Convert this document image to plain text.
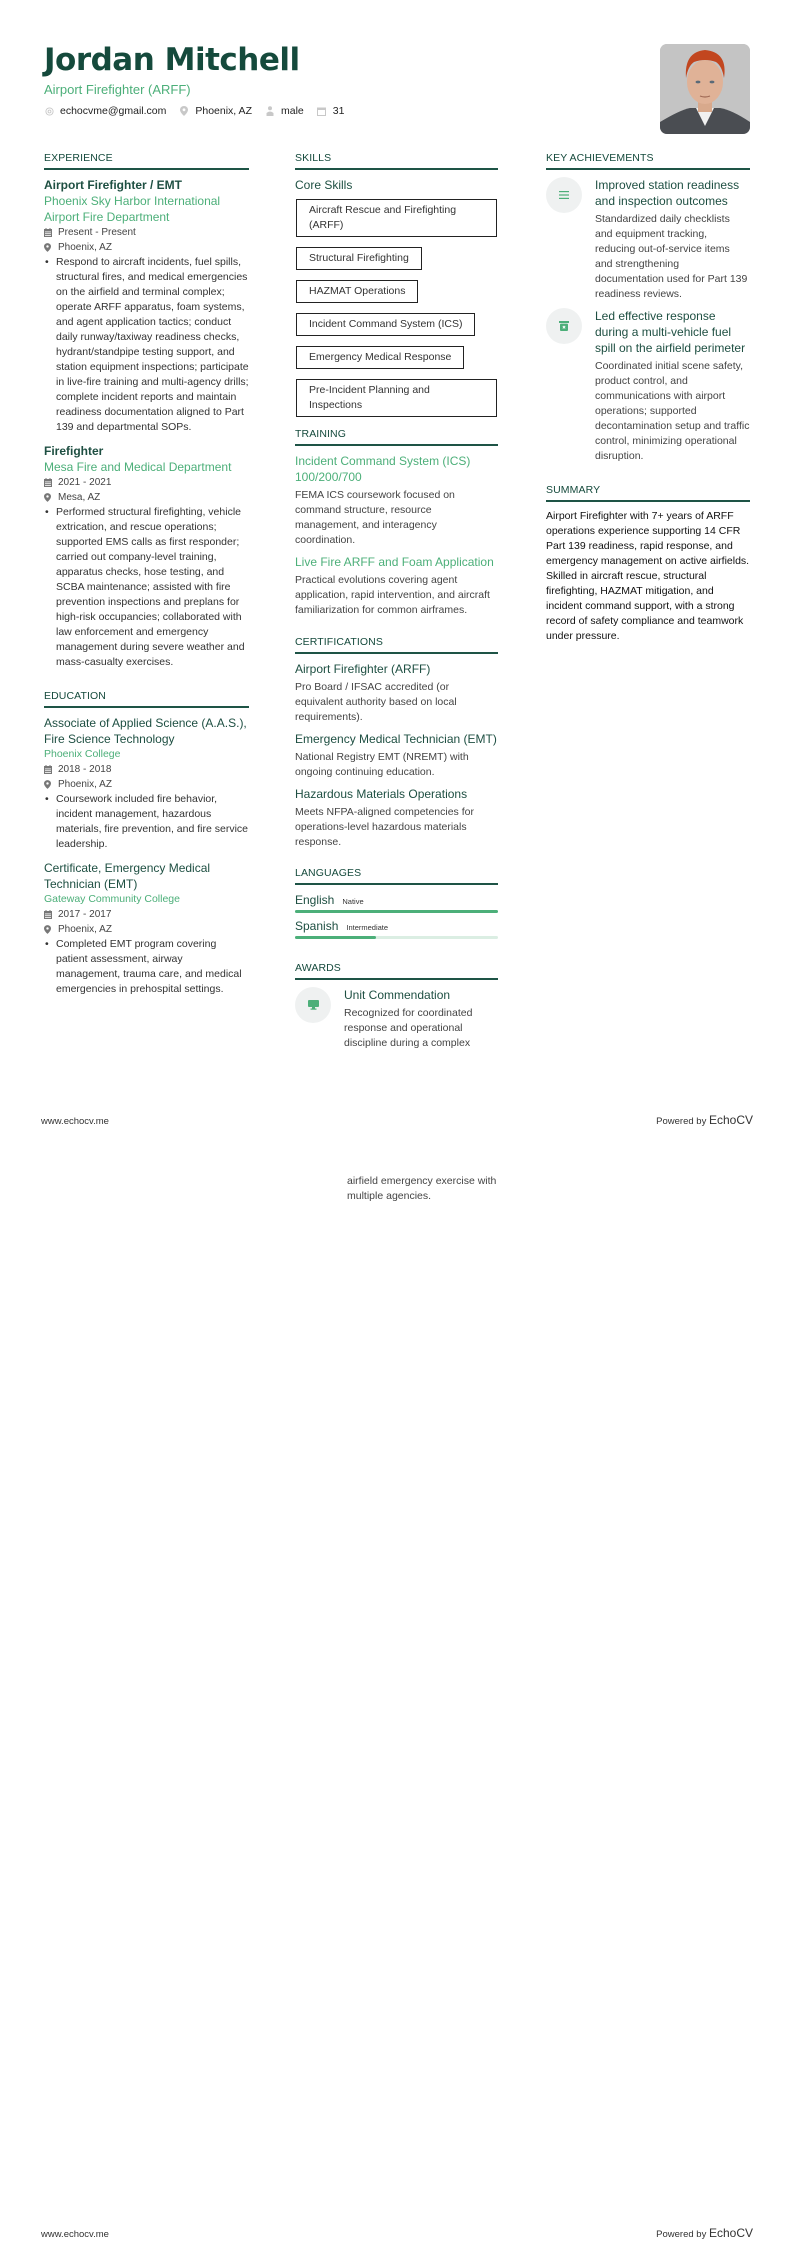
Jordan Mitchell
Airport Firefighter (ARFF)
echocvme@gmail.com	Phoenix, AZ	male	31
EXPERIENCE
Airport Firefighter / EMT
Phoenix Sky Harbor International Airport Fire Department
Present - Present
Phoenix, AZ
• Respond to aircraft incidents, fuel spills, structural fires, and medical emergencies on the airfield and terminal complex; operate ARFF apparatus, foam systems, and agent application tactics; conduct daily runway/taxiway readiness checks, hydrant/standpipe testing support, and station equipment inspections; participate in live-fire training and multi-agency drills; complete incident reports and maintain readiness documentation aligned to Part 139 and departmental SOPs.
Firefighter
Mesa Fire and Medical Department
2021 - 2021
Mesa, AZ
• Performed structural firefighting, vehicle extrication, and rescue operations; supported EMS calls as first responder; carried out company-level training, apparatus checks, hose testing, and SCBA maintenance; assisted with fire prevention inspections and preplans for high-risk occupancies; collaborated with law enforcement and emergency management during severe weather and mass-casualty exercises.
EDUCATION
Associate of Applied Science (A.A.S.), Fire Science Technology
Phoenix College
2018 - 2018
Phoenix, AZ
• Coursework included fire behavior, incident management, hazardous materials, fire prevention, and fire service leadership.
Certificate, Emergency Medical Technician (EMT)
Gateway Community College
2017 - 2017
Phoenix, AZ
• Completed EMT program covering patient assessment, airway management, trauma care, and medical emergencies in prehospital settings.
SKILLS
Core Skills
Aircraft Rescue and Firefighting (ARFF)
Structural Firefighting
HAZMAT Operations
Incident Command System (ICS)
Emergency Medical Response
Pre-Incident Planning and Inspections
TRAINING
Incident Command System (ICS) 100/200/700
FEMA ICS coursework focused on command structure, resource management, and interagency coordination.
Live Fire ARFF and Foam Application
Practical evolutions covering agent application, rapid intervention, and aircraft familiarization for common airframes.
CERTIFICATIONS
Airport Firefighter (ARFF)
Pro Board / IFSAC accredited (or equivalent authority based on local requirements).
Emergency Medical Technician (EMT)
National Registry EMT (NREMT) with ongoing continuing education.
Hazardous Materials Operations
Meets NFPA-aligned competencies for operations-level hazardous materials response.
LANGUAGES
English Native
Spanish Intermediate
AWARDS
Unit Commendation
Recognized for coordinated response and operational discipline during a complex
KEY ACHIEVEMENTS
Improved station readiness and inspection outcomes
Standardized daily checklists and equipment tracking, reducing out-of-service items and strengthening documentation used for Part 139 readiness reviews.
Led effective response during a multi-vehicle fuel spill on the airfield perimeter
Coordinated initial scene safety, product control, and communications with airport operations; supported decontamination setup and traffic control, minimizing operational disruption.
SUMMARY
Airport Firefighter with 7+ years of ARFF operations experience supporting 14 CFR Part 139 readiness, rapid response, and emergency management on active airfields. Skilled in aircraft rescue, structural firefighting, HAZMAT mitigation, and incident command support, with a strong record of safety compliance and teamwork under pressure.
www.echocv.me	Powered by EchoCV
airfield emergency exercise with multiple agencies.
www.echocv.me	Powered by EchoCV
